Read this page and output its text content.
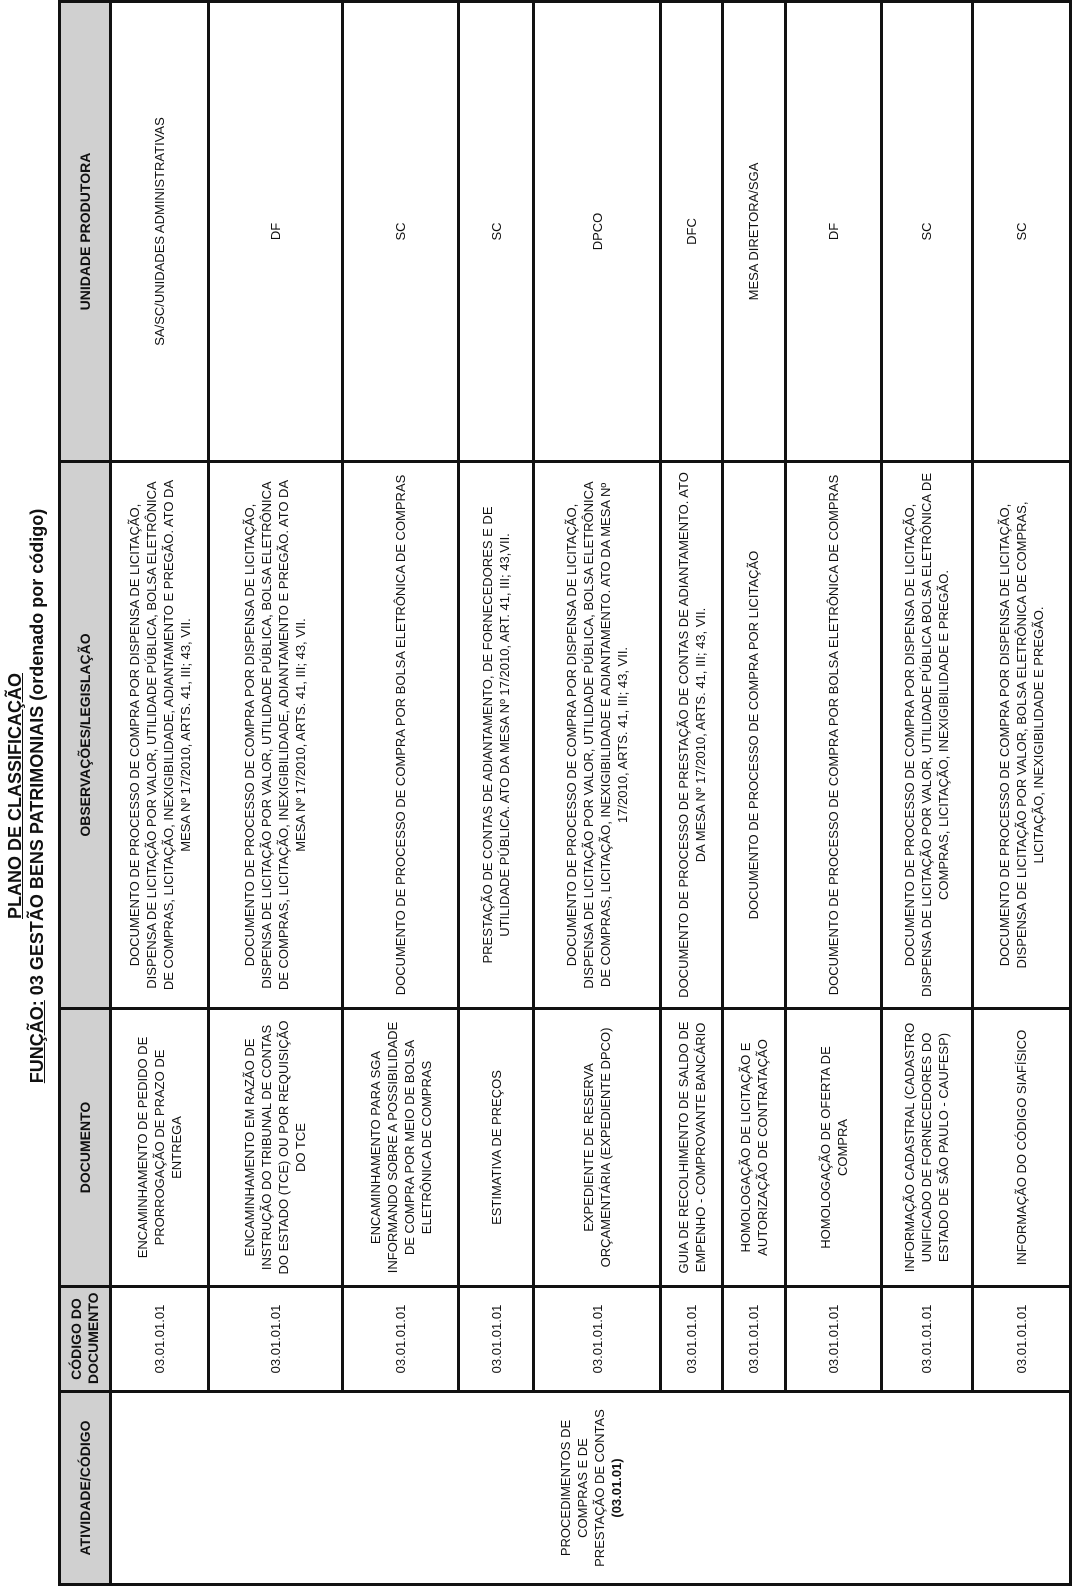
PLANO DE CLASSIFICAÇÃO
FUNÇÃO: 03 GESTÃO BENS PATRIMONIAIS (ordenado por código)
ATIVIDADE/CÓDIGO	CÓDIGO DO DOCUMENTO	DOCUMENTO	OBSERVAÇÕES/LEGISLAÇÃO	UNIDADE PRODUTORA

PROCEDIMENTOS DE COMPRAS E DE PRESTAÇÃO DE CONTAS (03.01.01)	03.01.01.01	ENCAMINHAMENTO DE PEDIDO DE PRORROGAÇÃO DE PRAZO DE ENTREGA	DOCUMENTO DE PROCESSO DE COMPRA POR DISPENSA DE LICITAÇÃO, DISPENSA DE LICITAÇÃO POR VALOR, UTILIDADE PÚBLICA, BOLSA ELETRÔNICA DE COMPRAS, LICITAÇÃO, INEXIGIBILIDADE, ADIANTAMENTO E PREGÃO. ATO DA MESA Nº 17/2010, ARTS. 41, III; 43, VII.	SA/SC/UNIDADES ADMINISTRATIVAS
	03.01.01.01	ENCAMINHAMENTO EM RAZÃO DE INSTRUÇÃO DO TRIBUNAL DE CONTAS DO ESTADO (TCE) OU POR REQUISIÇÃO DO TCE	DOCUMENTO DE PROCESSO DE COMPRA POR DISPENSA DE LICITAÇÃO, DISPENSA DE LICITAÇÃO POR VALOR, UTILIDADE PÚBLICA, BOLSA ELETRÔNICA DE COMPRAS, LICITAÇÃO, INEXIGIBILIDADE, ADIANTAMENTO E PREGÃO. ATO DA MESA Nº 17/2010, ARTS. 41, III; 43, VII.	DF
	03.01.01.01	ENCAMINHAMENTO PARA SGA INFORMANDO SOBRE A POSSIBILIDADE DE COMPRA POR MEIO DE BOLSA ELETRÔNICA DE COMPRAS	DOCUMENTO DE PROCESSO DE COMPRA POR BOLSA ELETRÔNICA DE COMPRAS	SC
	03.01.01.01	ESTIMATIVA DE PREÇOS	PRESTAÇÃO DE CONTAS DE ADIANTAMENTO, DE FORNECEDORES E DE UTILIDADE PÚBLICA. ATO DA MESA Nº 17/2010, ART. 41, III; 43,VII.	SC
	03.01.01.01	EXPEDIENTE DE RESERVA ORÇAMENTÁRIA (EXPEDIENTE DPCO)	DOCUMENTO DE PROCESSO DE COMPRA POR DISPENSA DE LICITAÇÃO, DISPENSA DE LICITAÇÃO POR VALOR, UTILIDADE PÚBLICA, BOLSA ELETRÔNICA DE COMPRAS, LICITAÇÃO, INEXIGIBILIDADE E ADIANTAMENTO. ATO DA MESA Nº 17/2010, ARTS. 41, III; 43, VII.	DPCO
	03.01.01.01	GUIA DE RECOLHIMENTO DE SALDO DE EMPENHO - COMPROVANTE BANCÁRIO	DOCUMENTO DE PROCESSO DE PRESTAÇÃO DE CONTAS DE ADIANTAMENTO. ATO DA MESA Nº 17/2010, ARTS. 41, III; 43, VII.	DFC
	03.01.01.01	HOMOLOGAÇÃO DE LICITAÇÃO E AUTORIZAÇÃO DE CONTRATAÇÃO	DOCUMENTO DE PROCESSO DE COMPRA POR LICITAÇÃO	MESA DIRETORA/SGA
	03.01.01.01	HOMOLOGAÇÃO DE OFERTA DE COMPRA	DOCUMENTO DE PROCESSO DE COMPRA POR BOLSA ELETRÔNICA DE COMPRAS	DF
	03.01.01.01	INFORMAÇÃO CADASTRAL (CADASTRO UNIFICADO DE FORNECEDORES DO ESTADO DE SÃO PAULO - CAUFESP)	DOCUMENTO DE PROCESSO DE COMPRA POR DISPENSA DE LICITAÇÃO, DISPENSA DE LICITAÇÃO POR VALOR, UTILIDADE PÚBLICA BOLSA ELETRÔNICA DE COMPRAS, LICITAÇÃO, INEXIGIBILIDADE E PREGÃO.	SC
	03.01.01.01	INFORMAÇÃO DO CÓDIGO SIAFÍSICO	DOCUMENTO DE PROCESSO DE COMPRA POR DISPENSA DE LICITAÇÃO, DISPENSA DE LICITAÇÃO POR VALOR, BOLSA ELETRÔNICA DE COMPRAS, LICITAÇÃO, INEXIGIBILIDADE E PREGÃO.	SC
